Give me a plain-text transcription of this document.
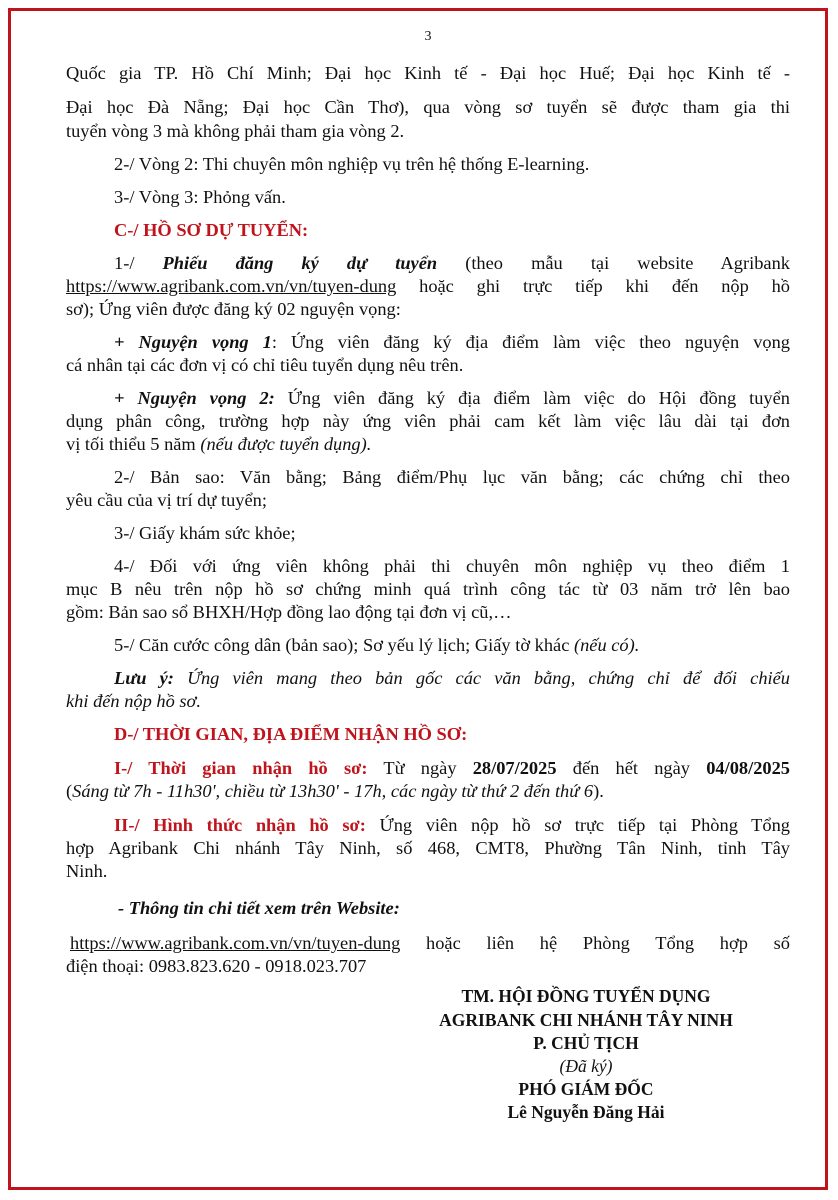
3

Quốc gia TP. Hồ Chí Minh; Đại học Kinh tế - Đại học Huế; Đại học Kinh tế -

Đại học Đà Nẵng; Đại học Cần Thơ), qua vòng sơ tuyển sẽ được tham gia thi

tuyển vòng 3 mà không phải tham gia vòng 2.

2-/ Vòng 2: Thi chuyên môn nghiệp vụ trên hệ thống E-learning.

3-/ Vòng 3: Phỏng vấn.

C-/ HỒ SƠ DỰ TUYỂN:

1-/ Phiếu đăng ký dự tuyển (theo mẫu tại website Agribank

https://www.agribank.com.vn/vn/tuyen-dung hoặc ghi trực tiếp khi đến nộp hồ

sơ); Ứng viên được đăng ký 02 nguyện vọng:

+ Nguyện vọng 1: Ứng viên đăng ký địa điểm làm việc theo nguyện vọng

cá nhân tại các đơn vị có chỉ tiêu tuyển dụng nêu trên.

+ Nguyện vọng 2: Ứng viên đăng ký địa điểm làm việc do Hội đồng tuyển

dụng phân công, trường hợp này ứng viên phải cam kết làm việc lâu dài tại đơn

vị tối thiểu 5 năm (nếu được tuyển dụng).

2-/ Bản sao: Văn bằng; Bảng điểm/Phụ lục văn bằng; các chứng chỉ theo

yêu cầu của vị trí dự tuyển;

3-/ Giấy khám sức khỏe;

4-/ Đối với ứng viên không phải thi chuyên môn nghiệp vụ theo điểm 1

mục B nêu trên nộp hồ sơ chứng minh quá trình công tác từ 03 năm trở lên bao

gồm: Bản sao sổ BHXH/Hợp đồng lao động tại đơn vị cũ,…

5-/ Căn cước công dân (bản sao); Sơ yếu lý lịch; Giấy tờ khác (nếu có).

Lưu ý: Ứng viên mang theo bản gốc các văn bằng, chứng chỉ để đối chiếu

khi đến nộp hồ sơ.

D-/ THỜI GIAN, ĐỊA ĐIỂM NHẬN HỒ SƠ:

I-/ Thời gian nhận hồ sơ: Từ ngày 28/07/2025 đến hết ngày 04/08/2025

(Sáng từ 7h - 11h30', chiều từ 13h30' - 17h, các ngày từ thứ 2 đến thứ 6).

II-/ Hình thức nhận hồ sơ: Ứng viên nộp hồ sơ trực tiếp tại Phòng Tổng

hợp Agribank Chi nhánh Tây Ninh, số 468, CMT8, Phường Tân Ninh, tỉnh Tây

Ninh.

- Thông tin chi tiết xem trên Website:

https://www.agribank.com.vn/vn/tuyen-dung hoặc liên hệ Phòng Tổng hợp số

điện thoại: 0983.823.620 - 0918.023.707

TM. HỘI ĐỒNG TUYỂN DỤNG
AGRIBANK CHI NHÁNH TÂY NINH
P. CHỦ TỊCH
(Đã ký)
PHÓ GIÁM ĐỐC
Lê Nguyễn Đăng Hải
